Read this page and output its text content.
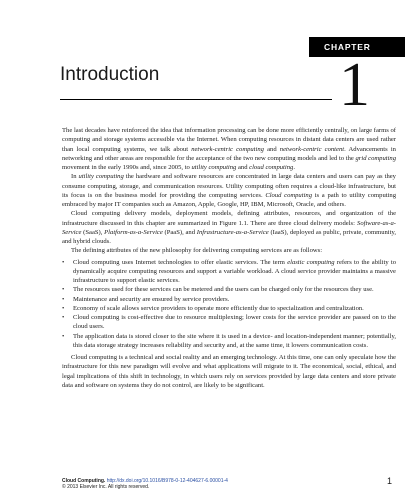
CHAPTER
Introduction	1

The last decades have reinforced the idea that information processing can be done more efficiently centrally, on large farms of computing and storage systems accessible via the Internet. When computing resources in distant data centers are used rather than local computing systems, we talk about network-centric computing and network-centric content. Advancements in networking and other areas are responsible for the acceptance of the two new computing models and led to the grid computing movement in the early 1990s and, since 2005, to utility computing and cloud computing.

In utility computing the hardware and software resources are concentrated in large data centers and users can pay as they consume computing, storage, and communication resources. Utility computing often requires a cloud-like infrastructure, but its focus is on the business model for providing the computing services. Cloud computing is a path to utility computing embraced by major IT companies such as Amazon, Apple, Google, HP, IBM, Microsoft, Oracle, and others.

Cloud computing delivery models, deployment models, defining attributes, resources, and organization of the infrastructure discussed in this chapter are summarized in Figure 1.1. There are three cloud delivery models: Software-as-a-Service (SaaS), Platform-as-a-Service (PaaS), and Infrastructure-as-a-Service (IaaS), deployed as public, private, community, and hybrid clouds.

The defining attributes of the new philosophy for delivering computing services are as follows:

• Cloud computing uses Internet technologies to offer elastic services. The term elastic computing refers to the ability to dynamically acquire computing resources and support a variable workload. A cloud service provider maintains a massive infrastructure to support elastic services.
• The resources used for these services can be metered and the users can be charged only for the resources they use.
• Maintenance and security are ensured by service providers.
• Economy of scale allows service providers to operate more efficiently due to specialization and centralization.
• Cloud computing is cost-effective due to resource multiplexing; lower costs for the service provider are passed on to the cloud users.
• The application data is stored closer to the site where it is used in a device- and location-independent manner; potentially, this data storage strategy increases reliability and security and, at the same time, it lowers communication costs.

Cloud computing is a technical and social reality and an emerging technology. At this time, one can only speculate how the infrastructure for this new paradigm will evolve and what applications will migrate to it. The economical, social, ethical, and legal implications of this shift in technology, in which users rely on services provided by large data centers and store private data and software on systems they do not control, are likely to be significant.

Cloud Computing. http://dx.doi.org/10.1016/B978-0-12-404627-6.00001-4
© 2013 Elsevier Inc. All rights reserved.
1
